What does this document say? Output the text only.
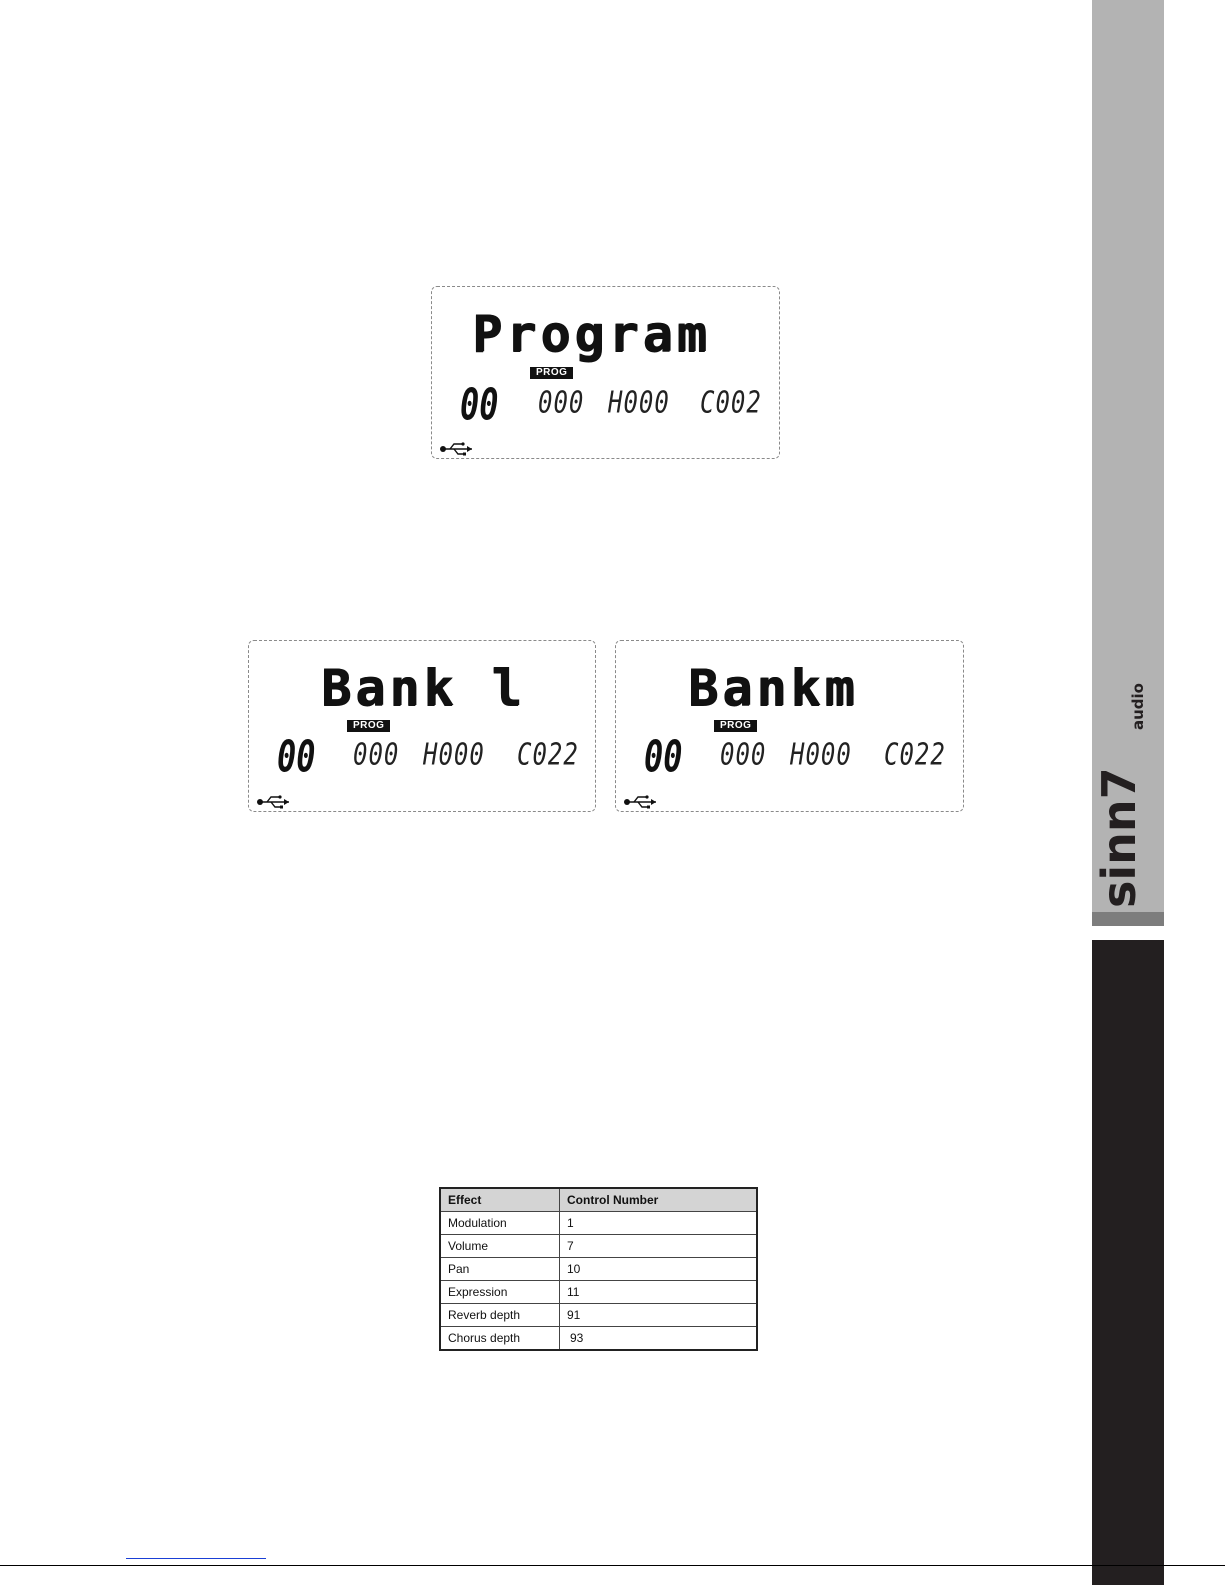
Program
PROG
00 000 H000 C002
Bank l
PROG
00 000 H000 C022
Bankm
PROG
00 000 H000 C022
Effect	Control Number
Modulation	1
Volume	7
Pan	10
Expression	11
Reverb depth	91
Chorus depth	93
sinn7
audio
